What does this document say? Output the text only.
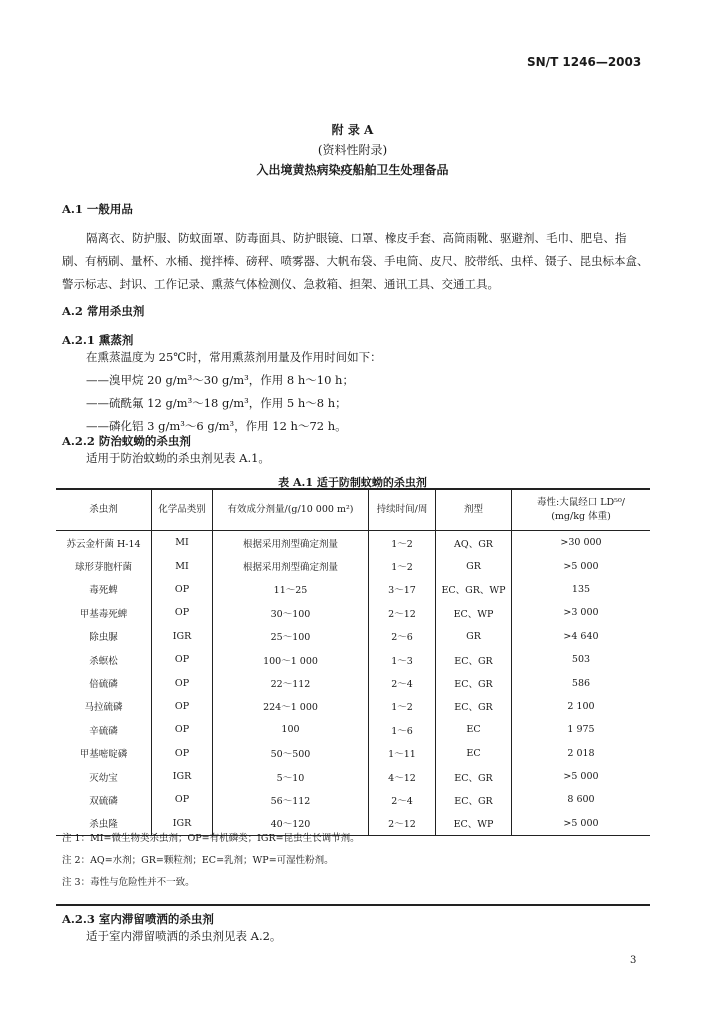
SN/T 1246—2003
附 录 A
(资料性附录)
入出境黄热病染疫船舶卫生处理备品
A.1 一般用品
隔离衣、防护服、防蚊面罩、防毒面具、防护眼镜、口罩、橡皮手套、高筒雨靴、驱避剂、毛巾、肥皂、指
刷、有柄刷、量杯、水桶、搅拌棒、磅秤、喷雾器、大帆布袋、手电筒、皮尺、胶带纸、虫样、镊子、昆虫标本盒、
警示标志、封识、工作记录、熏蒸气体检测仪、急救箱、担架、通讯工具、交通工具。
A.2 常用杀虫剂
A.2.1 熏蒸剂
在熏蒸温度为 25℃时，常用熏蒸剂用量及作用时间如下：
——溴甲烷 20 g/m³～30 g/m³，作用 8 h～10 h；
——硫酰氟 12 g/m³～18 g/m³，作用 5 h～8 h；
——磷化铝 3 g/m³～6 g/m³，作用 12 h～72 h。
A.2.2 防治蚊蚴的杀虫剂
适用于防治蚊蚴的杀虫剂见表 A.1。
表 A.1 适于防制蚊蚴的杀虫剂
杀虫剂	化学品类别	有效成分剂量/(g/10 000 m²)	持续时间/周	剂型	毒性:大鼠经口 LD⁵⁰/
(mg/kg 体重)

苏云金杆菌 H-14	MI	根据采用剂型确定剂量	1～2	AQ、GR	>30 000
球形芽胞杆菌	MI	根据采用剂型确定剂量	1～2	GR	>5 000
毒死蜱	OP	11～25	3～17	EC、GR、WP	135
甲基毒死蜱	OP	30～100	2～12	EC、WP	>3 000
除虫脲	IGR	25～100	2～6	GR	>4 640
杀螟松	OP	100～1 000	1～3	EC、GR	503
倍硫磷	OP	22～112	2～4	EC、GR	586
马拉硫磷	OP	224～1 000	1～2	EC、GR	2 100
辛硫磷	OP	100	1～6	EC	1 975
甲基嘧啶磷	OP	50～500	1～11	EC	2 018
灭幼宝	IGR	5～10	4～12	EC、GR	>5 000
双硫磷	OP	56～112	2～4	EC、GR	8 600
杀虫隆	IGR	40～120	2～12	EC、WP	>5 000
注 1：MI=微生物类杀虫剂；OP=有机磷类；IGR=昆虫生长调节剂。
注 2：AQ=水剂；GR=颗粒剂；EC=乳剂；WP=可湿性粉剂。
注 3：毒性与危险性并不一致。
A.2.3 室内滞留喷洒的杀虫剂
适于室内滞留喷洒的杀虫剂见表 A.2。
3
